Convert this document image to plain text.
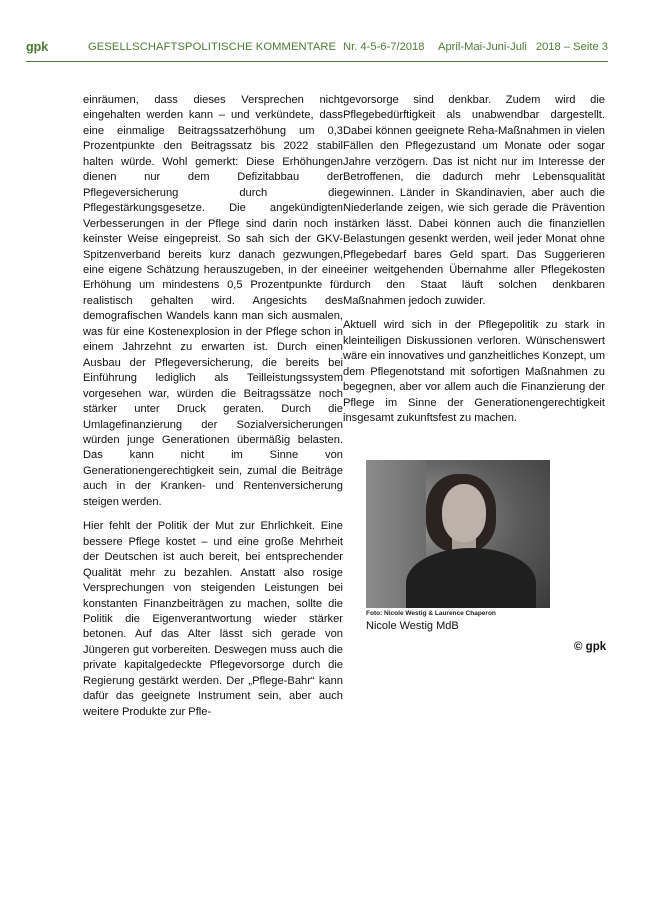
gpk	GESELLSCHAFTSPOLITISCHE KOMMENTARE Nr. 4-5-6-7/2018 April-Mai-Juni-Juli 2018 – Seite 3

einräumen, dass dieses Versprechen nicht eingehalten werden kann – und verkündete, dass eine einmalige Beitragssatzerhöhung um 0,3 Prozentpunkte den Beitragssatz bis 2022 stabil halten würde. Wohl gemerkt: Diese Erhöhungen dienen nur dem Defizitabbau der Pflegeversicherung durch die Pflegestärkungsgesetze. Die angekündigten Verbesserungen in der Pflege sind darin noch in keinster Weise eingepreist. So sah sich der GKV-Spitzenverband bereits kurz danach gezwungen, eine eigene Schätzung herauszugeben, in der eine Erhöhung um mindestens 0,5 Prozentpunkte für realistisch gehalten wird. Angesichts des demografischen Wandels kann man sich ausmalen, was für eine Kostenexplosion in der Pflege schon in einem Jahrzehnt zu erwarten ist. Durch einen Ausbau der Pflegeversicherung, die bereits bei Einführung lediglich als Teilleistungssystem vorgesehen war, würden die Beitragssätze noch stärker unter Druck geraten. Durch die Umlagefinanzierung der Sozialversicherungen würden junge Generationen übermäßig belasten. Das kann nicht im Sinne von Generationengerechtigkeit sein, zumal die Beiträge auch in der Kranken- und Rentenversicherung steigen werden.

Hier fehlt der Politik der Mut zur Ehrlichkeit. Eine bessere Pflege kostet – und eine große Mehrheit der Deutschen ist auch bereit, bei entsprechender Qualität mehr zu bezahlen. Anstatt also rosige Versprechungen von steigenden Leistungen bei konstanten Finanzbeiträgen zu machen, sollte die Politik die Eigenverantwortung wieder stärker betonen. Auf das Alter lässt sich gerade von Jüngeren gut vorbereiten. Deswegen muss auch die private kapitalgedeckte Pflegevorsorge durch die Regierung gestärkt werden. Der „Pflege-Bahr“ kann dafür das geeignete Instrument sein, aber auch weitere Produkte zur Pfle-

gevorsorge sind denkbar. Zudem wird die Pflegebedürftigkeit als unabwendbar dargestellt. Dabei können geeignete Reha-Maßnahmen in vielen Fällen den Pflegezustand um Monate oder sogar Jahre verzögern. Das ist nicht nur im Interesse der Betroffenen, die dadurch mehr Lebensqualität gewinnen. Länder in Skandinavien, aber auch die Niederlande zeigen, wie sich gerade die Prävention stärken lässt. Dabei können auch die finanziellen Belastungen gesenkt werden, weil jeder Monat ohne Pflegebedarf bares Geld spart. Das Suggerieren einer weitgehenden Übernahme aller Pflegekosten durch den Staat läuft solchen denkbaren Maßnahmen jedoch zuwider.

Aktuell wird sich in der Pflegepolitik zu stark in kleinteiligen Diskussionen verloren. Wünschenswert wäre ein innovatives und ganzheitliches Konzept, um dem Pflegenotstand mit sofortigen Maßnahmen zu begegnen, aber vor allem auch die Finanzierung der Pflege im Sinne der Generationengerechtigkeit insgesamt zukunftsfest zu machen.

Foto: Nicole Westig & Laurence Chaperon
Nicole Westig MdB
© gpk
